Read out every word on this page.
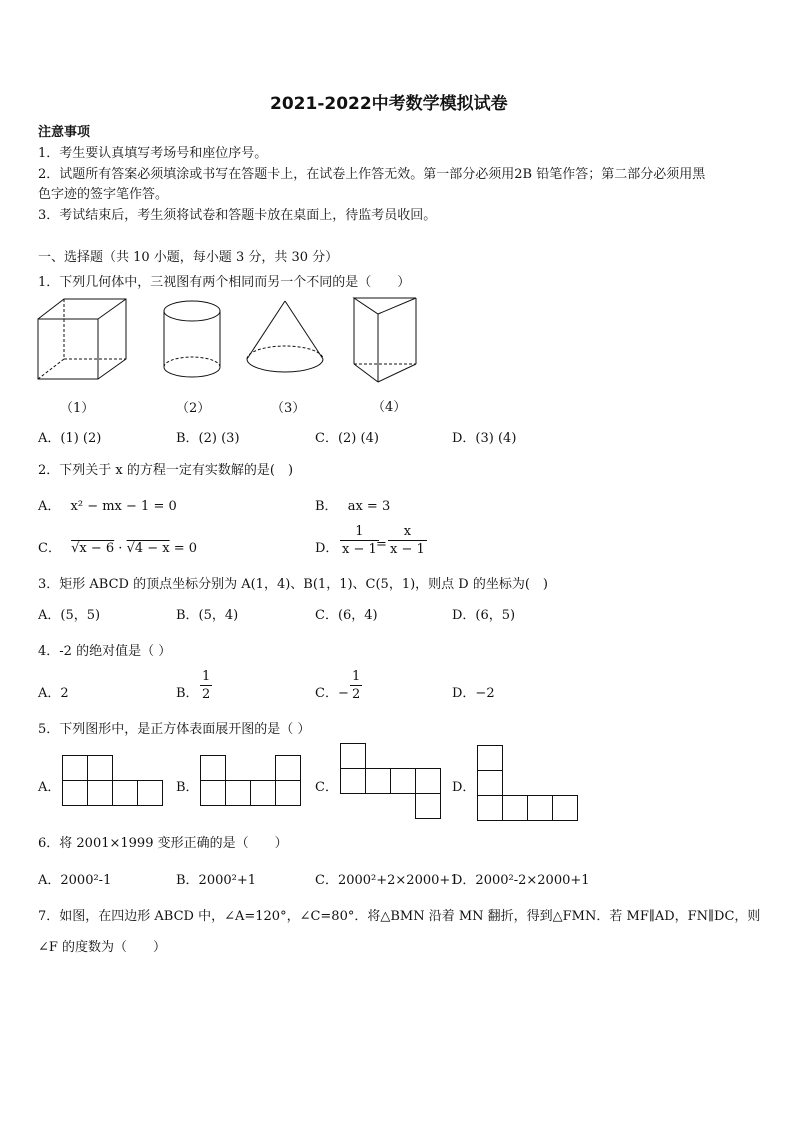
2021-2022中考数学模拟试卷
注意事项
1．考生要认真填写考场号和座位序号。
2．试题所有答案必须填涂或书写在答题卡上，在试卷上作答无效。第一部分必须用2B 铅笔作答；第二部分必须用黑
色字迹的签字笔作答。
3．考试结束后，考生须将试卷和答题卡放在桌面上，待监考员收回。
一、选择题（共 10 小题，每小题 3 分，共 30 分）
1．下列几何体中，三视图有两个相同而另一个不同的是（　　）
（1）	（2）	（3）	（4）
A．(1) (2)	B．(2) (3)	C．(2) (4)	D．(3) (4)
2．下列关于 x 的方程一定有实数解的是(　)
A． x² − mx − 1 = 0	B． ax = 3
C． √x − 6 · √4 − x = 0	D．
1
x − 1 =
x
x − 1
3．矩形 ABCD 的顶点坐标分别为 A(1，4)、B(1，1)、C(5，1)，则点 D 的坐标为(　)
A．(5，5)	B．(5，4)	C．(6，4)	D．(6，5)
4．-2 的绝对值是（ ）
A．2	B．
1
2	C．−
1
2	D．−2
5．下列图形中，是正方体表面展开图的是（ ）
A．

				B．

				C．

				D．

6．将 2001×1999 变形正确的是（　　）
A．2000²-1	B．2000²+1	C．2000²+2×2000+1
D．2000²-2×2000+1
7．如图，在四边形 ABCD 中，∠A=120°，∠C=80°．将△BMN 沿着 MN 翻折，得到△FMN．若 MF∥AD，FN∥DC，则
∠F 的度数为（　　）
